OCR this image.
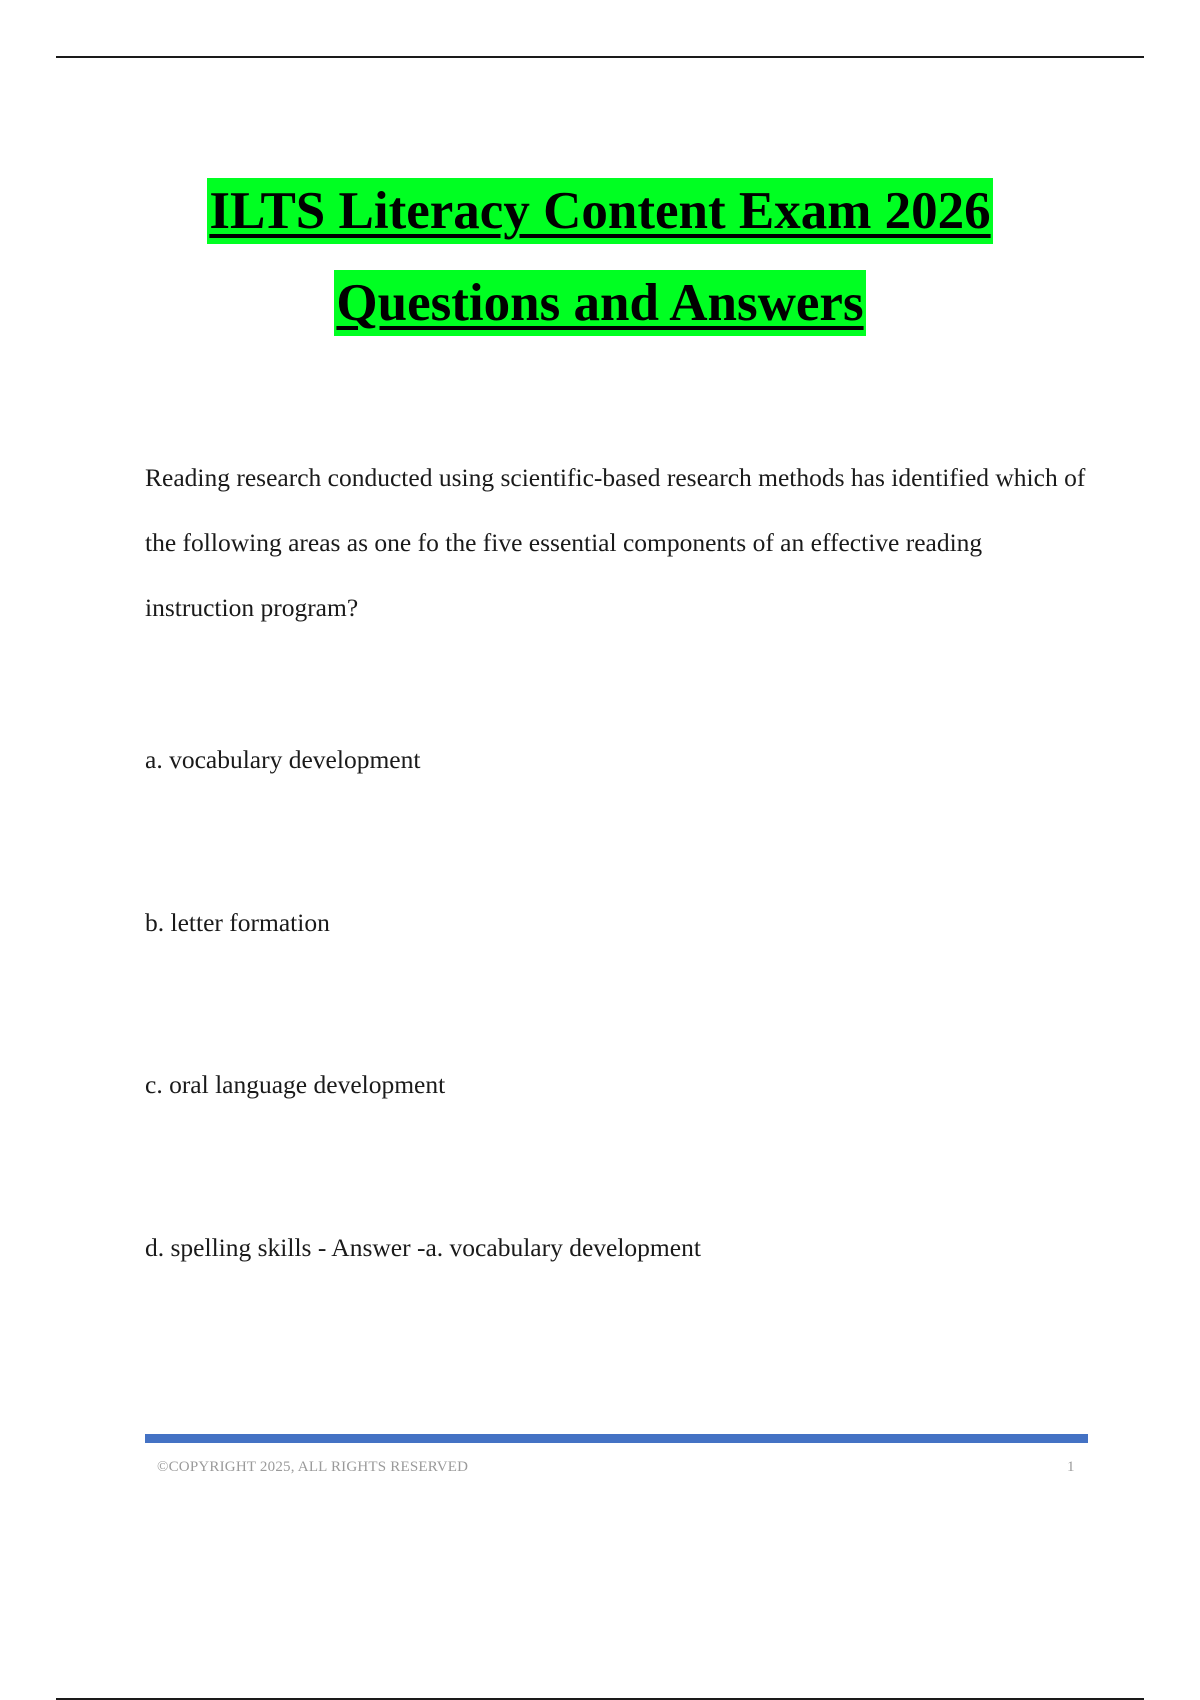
ILTS Literacy Content Exam 2026
Questions and Answers

Reading research conducted using scientific-based research methods has identified which of the following areas as one fo the five essential components of an effective reading instruction program?

a. vocabulary development

b. letter formation

c. oral language development

d. spelling skills - Answer -a. vocabulary development

©COPYRIGHT 2025, ALL RIGHTS RESERVED	1
